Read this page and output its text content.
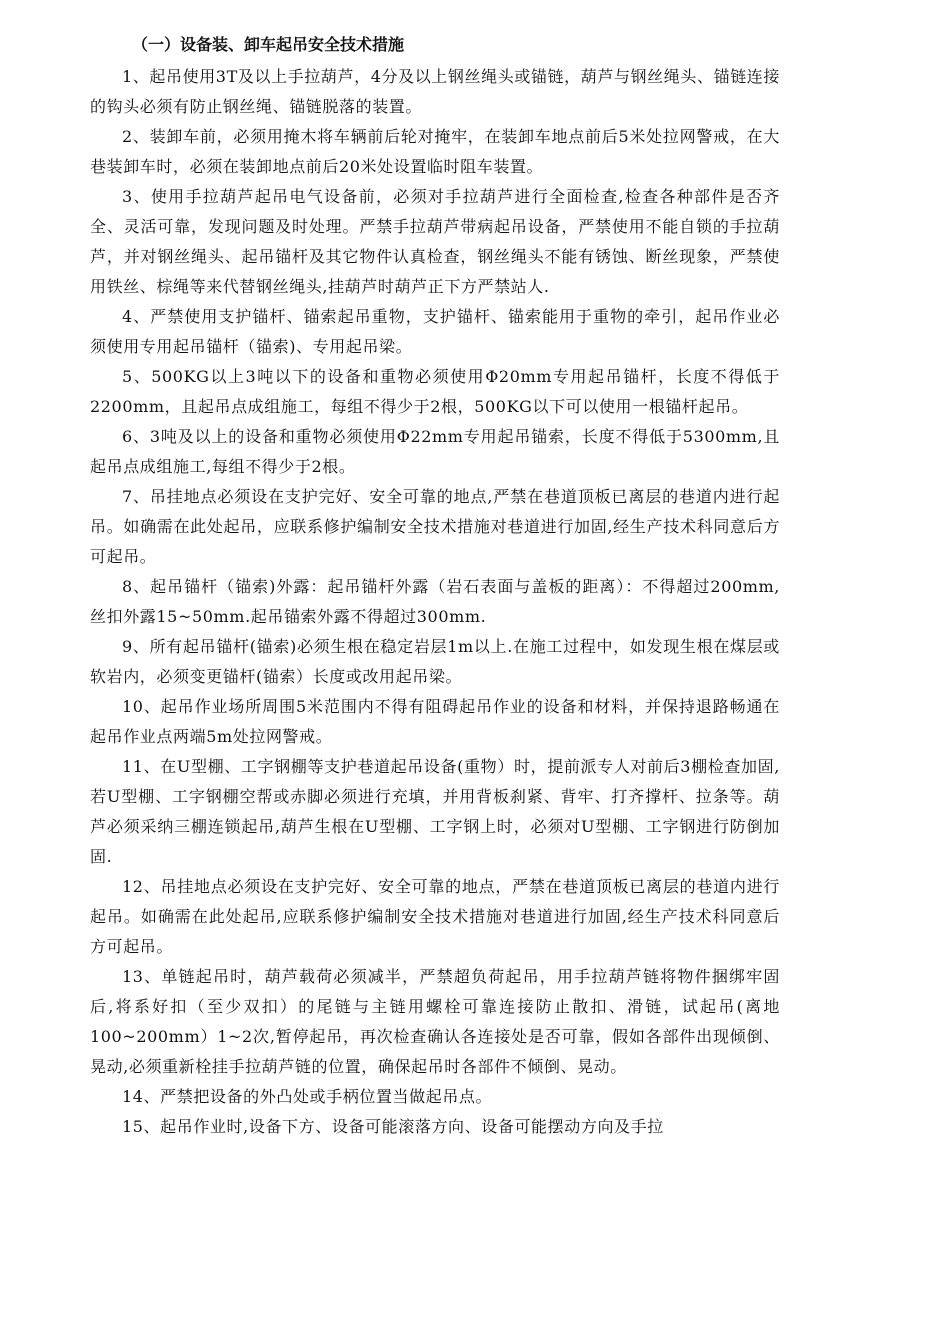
（一）设备装、卸车起吊安全技术措施

1、起吊使用3T及以上手拉葫芦，4分及以上钢丝绳头或锚链，葫芦与钢丝绳头、锚链连接的钩头必须有防止钢丝绳、锚链脱落的装置。

2、装卸车前，必须用掩木将车辆前后轮对掩牢，在装卸车地点前后5米处拉网警戒，在大巷装卸车时，必须在装卸地点前后20米处设置临时阻车装置。

3、使用手拉葫芦起吊电气设备前，必须对手拉葫芦进行全面检查,检查各种部件是否齐全、灵活可靠，发现问题及时处理。严禁手拉葫芦带病起吊设备，严禁使用不能自锁的手拉葫芦，并对钢丝绳头、起吊锚杆及其它物件认真检查，钢丝绳头不能有锈蚀、断丝现象，严禁使用铁丝、棕绳等来代替钢丝绳头,挂葫芦时葫芦正下方严禁站人.

4、严禁使用支护锚杆、锚索起吊重物，支护锚杆、锚索能用于重物的牵引，起吊作业必须使用专用起吊锚杆（锚索)、专用起吊梁。

5、500KG以上3吨以下的设备和重物必须使用Φ20mm专用起吊锚杆，长度不得低于2200mm，且起吊点成组施工，每组不得少于2根，500KG以下可以使用一根锚杆起吊。

6、3吨及以上的设备和重物必须使用Φ22mm专用起吊锚索，长度不得低于5300mm,且起吊点成组施工,每组不得少于2根。

7、吊挂地点必须设在支护完好、安全可靠的地点,严禁在巷道顶板已离层的巷道内进行起吊。如确需在此处起吊，应联系修护编制安全技术措施对巷道进行加固,经生产技术科同意后方可起吊。

8、起吊锚杆（锚索)外露：起吊锚杆外露（岩石表面与盖板的距离）：不得超过200mm,丝扣外露15~50mm.起吊锚索外露不得超过300mm.

9、所有起吊锚杆(锚索)必须生根在稳定岩层1m以上.在施工过程中，如发现生根在煤层或软岩内，必须变更锚杆(锚索）长度或改用起吊梁。

10、起吊作业场所周围5米范围内不得有阻碍起吊作业的设备和材料，并保持退路畅通在起吊作业点两端5m处拉网警戒。

11、在U型棚、工字钢棚等支护巷道起吊设备(重物）时，提前派专人对前后3棚检查加固,若U型棚、工字钢棚空帮或赤脚必须进行充填，并用背板刹紧、背牢、打齐撑杆、拉条等。葫芦必须采纳三棚连锁起吊,葫芦生根在U型棚、工字钢上时，必须对U型棚、工字钢进行防倒加固.

12、吊挂地点必须设在支护完好、安全可靠的地点，严禁在巷道顶板已离层的巷道内进行起吊。如确需在此处起吊,应联系修护编制安全技术措施对巷道进行加固,经生产技术科同意后方可起吊。

13、单链起吊时，葫芦载荷必须减半，严禁超负荷起吊，用手拉葫芦链将物件捆绑牢固后,将系好扣（至少双扣）的尾链与主链用螺栓可靠连接防止散扣、滑链，试起吊(离地100~200mm）1~2次,暂停起吊，再次检查确认各连接处是否可靠，假如各部件出现倾倒、晃动,必须重新栓挂手拉葫芦链的位置，确保起吊时各部件不倾倒、晃动。

14、严禁把设备的外凸处或手柄位置当做起吊点。

15、起吊作业时,设备下方、设备可能滚落方向、设备可能摆动方向及手拉
